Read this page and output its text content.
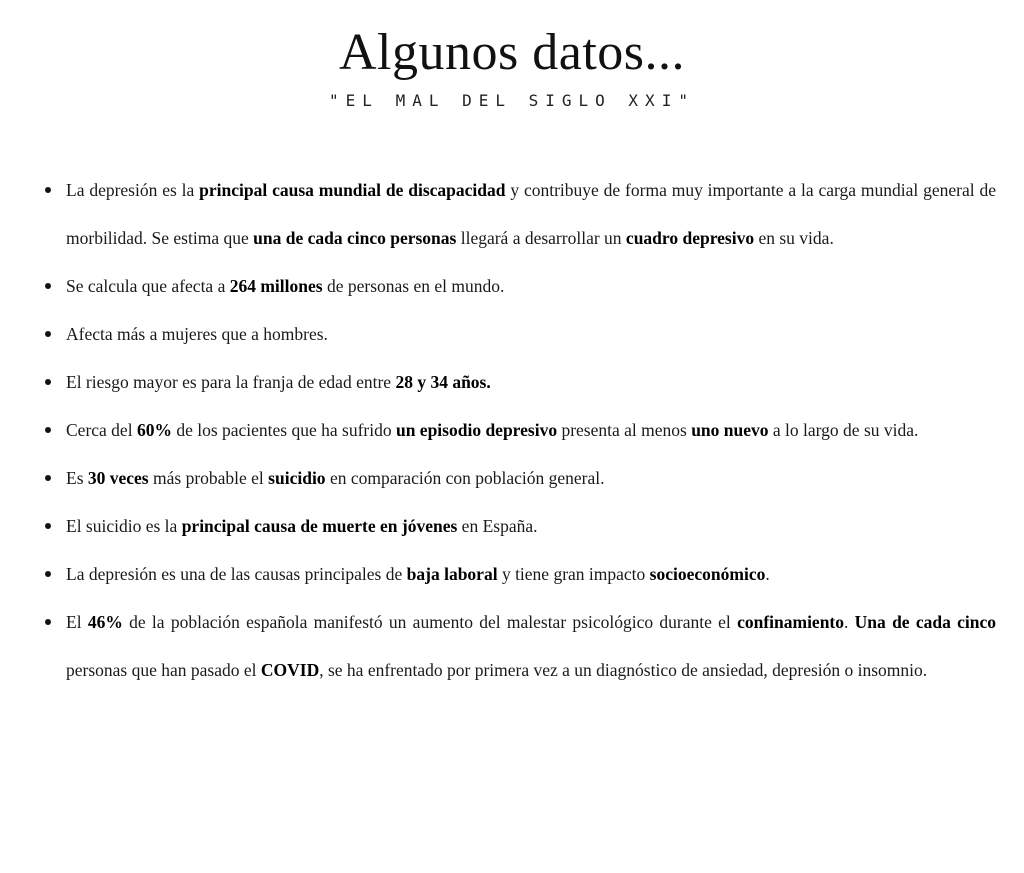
Algunos datos...
"EL MAL DEL SIGLO XXI"
La depresión es la principal causa mundial de discapacidad y contribuye de forma muy importante a la carga mundial general de morbilidad. Se estima que una de cada cinco personas llegará a desarrollar un cuadro depresivo en su vida.
Se calcula que afecta a 264 millones de personas en el mundo.
Afecta más a mujeres que a hombres.
El riesgo mayor es para la franja de edad entre 28 y 34 años.
Cerca del 60% de los pacientes que ha sufrido un episodio depresivo presenta al menos uno nuevo a lo largo de su vida.
Es 30 veces más probable el suicidio en comparación con población general.
El suicidio es la principal causa de muerte en jóvenes en España.
La depresión es una de las causas principales de baja laboral y tiene gran impacto socioeconómico.
El 46% de la población española manifestó un aumento del malestar psicológico durante el confinamiento. Una de cada cinco personas que han pasado el COVID, se ha enfrentado por primera vez a un diagnóstico de ansiedad, depresión o insomnio.
